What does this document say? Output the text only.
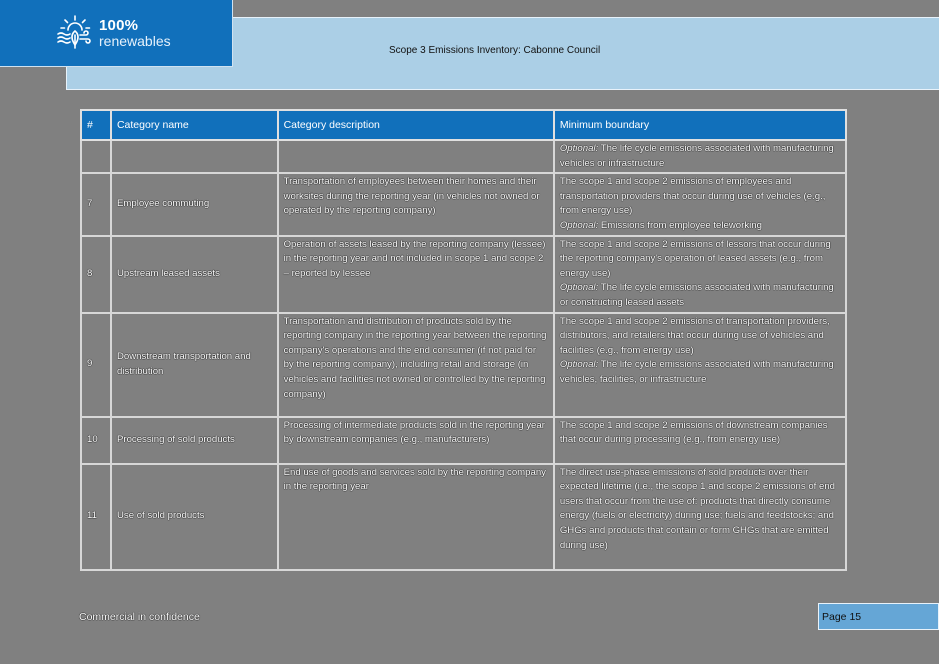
100%
renewables
Scope 3 Emissions Inventory: Cabonne Council
#	Category name	Category description	Minimum boundary
			Optional: The life cycle emissions associated with manufacturing vehicles or infrastructure
7	Employee commuting	Transportation of employees between their homes and their worksites during the reporting year (in vehicles not owned or operated by the reporting company)	The scope 1 and scope 2 emissions of employees and transportation providers that occur during use of vehicles (e.g., from energy use)
Optional: Emissions from employee teleworking
8	Upstream leased assets	Operation of assets leased by the reporting company (lessee) in the reporting year and not included in scope 1 and scope 2 – reported by lessee	The scope 1 and scope 2 emissions of lessors that occur during the reporting company's operation of leased assets (e.g., from energy use)
Optional: The life cycle emissions associated with manufacturing or constructing leased assets
9	Downstream transportation and distribution	Transportation and distribution of products sold by the reporting company in the reporting year between the reporting company's operations and the end consumer (if not paid for by the reporting company), including retail and storage (in vehicles and facilities not owned or controlled by the reporting company)	The scope 1 and scope 2 emissions of transportation providers, distributors, and retailers that occur during use of vehicles and facilities (e.g., from energy use)
Optional: The life cycle emissions associated with manufacturing vehicles, facilities, or infrastructure
10	Processing of sold products	Processing of intermediate products sold in the reporting year by downstream companies (e.g., manufacturers)	The scope 1 and scope 2 emissions of downstream companies that occur during processing (e.g., from energy use)
11	Use of sold products	End use of goods and services sold by the reporting company in the reporting year	The direct use-phase emissions of sold products over their expected lifetime (i.e., the scope 1 and scope 2 emissions of end users that occur from the use of: products that directly consume energy (fuels or electricity) during use; fuels and feedstocks; and GHGs and products that contain or form GHGs that are emitted during use)
Commercial in confidence	Page 15
